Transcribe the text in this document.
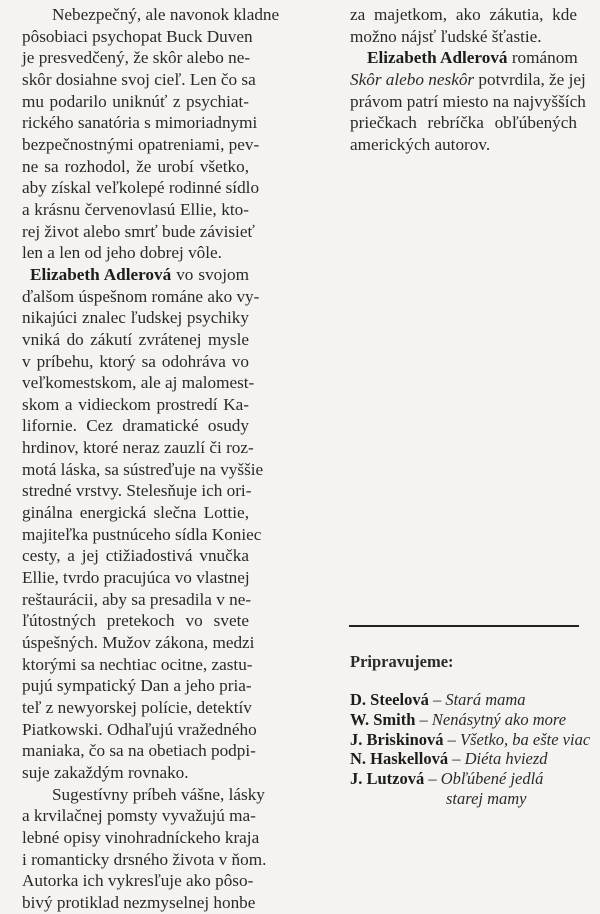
Nebezpečný, ale navonok kladne
pôsobiaci psychopat Buck Duven
je presvedčený, že skôr alebo ne-
skôr dosiahne svoj cieľ. Len čo sa
mu podarilo uniknúť z psychiat-
rického sanatória s mimoriadnymi
bezpečnostnými opatreniami, pev-
ne sa rozhodol, že urobí všetko,
aby získal veľkolepé rodinné sídlo
a krásnu červenovlasú Ellie, kto-
rej život alebo smrť bude závisieť
len a len od jeho dobrej vôle.
Elizabeth Adlerová vo svojom
ďalšom úspešnom románe ako vy-
nikajúci znalec ľudskej psychiky
vniká do zákutí zvrátenej mysle
v príbehu, ktorý sa odohráva vo
veľkomestskom, ale aj malomest-
skom a vidieckom prostredí Ka-
lifornie. Cez dramatické osudy
hrdinov, ktoré neraz zauzlí či roz-
motá láska, sa sústreďuje na vyššie
stredné vrstvy. Stelesňuje ich ori-
ginálna energická slečna Lottie,
majiteľka pustnúceho sídla Koniec
cesty, a jej ctižiadostivá vnučka
Ellie, tvrdo pracujúca vo vlastnej
reštaurácii, aby sa presadila v ne-
ľútostných pretekoch vo svete
úspešných. Mužov zákona, medzi
ktorými sa nechtiac ocitne, zastu-
pujú sympatický Dan a jeho pria-
teľ z newyorskej polície, detektív
Piatkowski. Odhaľujú vražedného
maniaka, čo sa na obetiach podpi-
suje zakaždým rovnako.
Sugestívny príbeh vášne, lásky
a krvilačnej pomsty vyvažujú ma-
lebné opisy vinohradníckeho kraja
i romanticky drsného života v ňom.
Autorka ich vykresľuje ako pôso-
bivý protiklad nezmyselnej honbe
za majetkom, ako zákutia, kde
možno nájsť ľudské šťastie.
Elizabeth Adlerová románom
Skôr alebo neskôr potvrdila, že jej
právom patrí miesto na najvyšších
priečkach rebríčka obľúbených
amerických autorov.
Pripravujeme:
D. Steelová – Stará mama
W. Smith – Nenásytný ako more
J. Briskinová – Všetko, ba ešte viac
N. Haskellová – Diéta hviezd
J. Lutzová – Obľúbené jedlá
starej mamy
